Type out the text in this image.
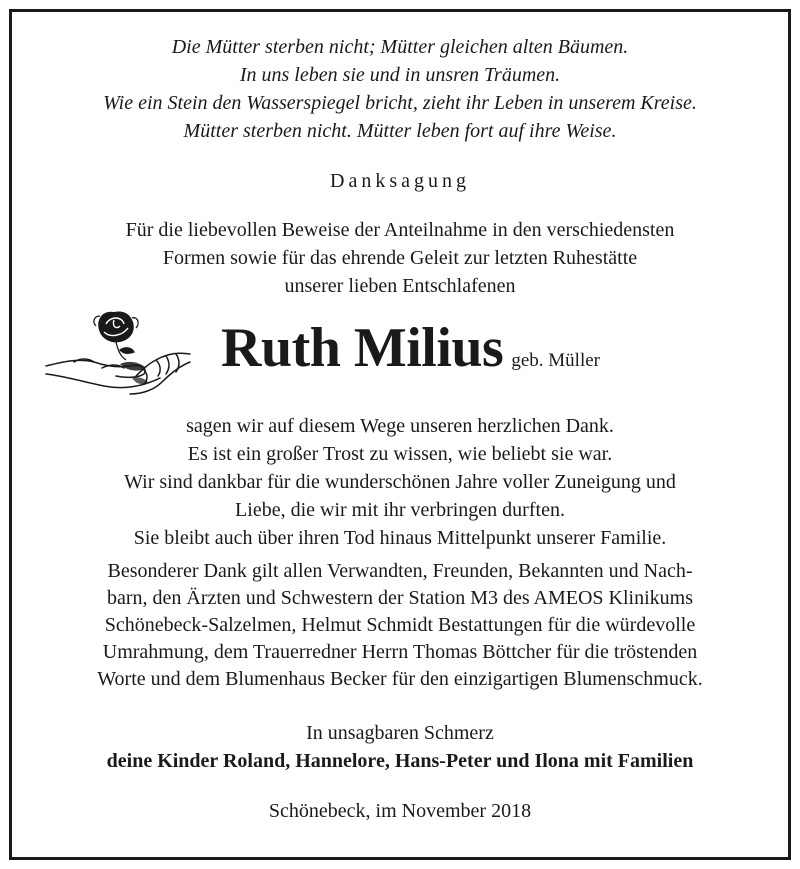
Die Mütter sterben nicht; Mütter gleichen alten Bäumen.
In uns leben sie und in unsren Träumen.
Wie ein Stein den Wasserspiegel bricht, zieht ihr Leben in unserem Kreise.
Mütter sterben nicht. Mütter leben fort auf ihre Weise.
Danksagung
Für die liebevollen Beweise der Anteilnahme in den verschiedensten
Formen sowie für das ehrende Geleit zur letzten Ruhestätte
unserer lieben Entschlafenen
Ruth Milius geb. Müller
sagen wir auf diesem Wege unseren herzlichen Dank.
Es ist ein großer Trost zu wissen, wie beliebt sie war.
Wir sind dankbar für die wunderschönen Jahre voller Zuneigung und
Liebe, die wir mit ihr verbringen durften.
Sie bleibt auch über ihren Tod hinaus Mittelpunkt unserer Familie.
Besonderer Dank gilt allen Verwandten, Freunden, Bekannten und Nach-
barn, den Ärzten und Schwestern der Station M3 des AMEOS Klinikums
Schönebeck-Salzelmen, Helmut Schmidt Bestattungen für die würdevolle
Umrahmung, dem Trauerredner Herrn Thomas Böttcher für die tröstenden
Worte und dem Blumenhaus Becker für den einzigartigen Blumenschmuck.
In unsagbaren Schmerz
deine Kinder Roland, Hannelore, Hans-Peter und Ilona mit Familien
Schönebeck, im November 2018
